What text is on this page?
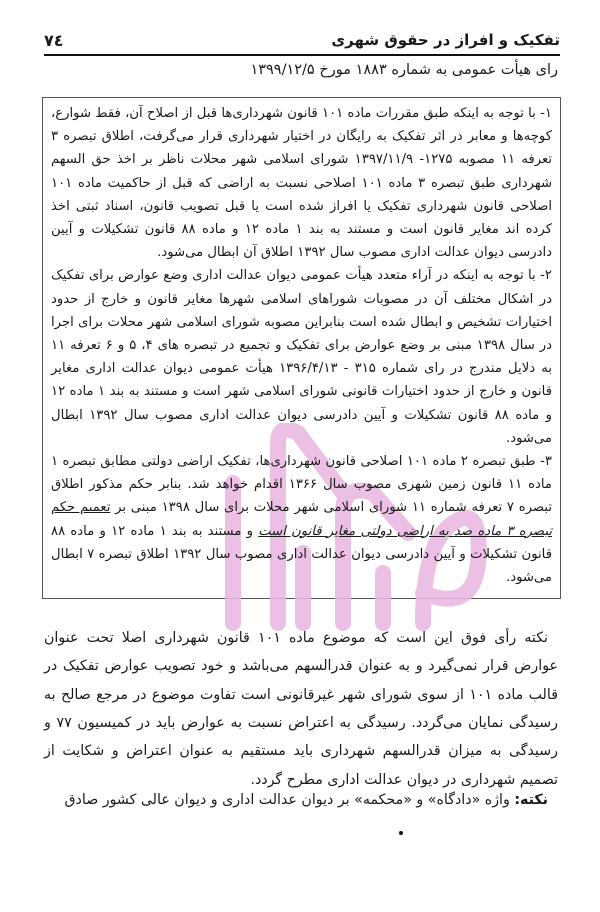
تفکیک و افراز در حقوق شهری
۷٤
رای هیأت عمومی به شماره ۱۸۸۳ مورخ ۱۳۹۹/۱۲/۵
۱- با توجه به اینکه طبق مقررات ماده ۱۰۱ قانون شهرداری‌ها قبل از اصلاح آن، فقط شوارع، کوچه‌ها و معابر در اثر تفکیک به رایگان در اختیار شهرداری قرار می‌گرفت، اطلاق تبصره ۳ تعرفه ۱۱ مصوبه ۱۲۷۵- ۱۳۹۷/۱۱/۹ شورای اسلامی شهر محلات ناظر بر اخذ حق السهم شهرداری طبق تبصره ۳ ماده ۱۰۱ اصلاحی نسبت به اراضی که قبل از حاکمیت ماده ۱۰۱ اصلاحی قانون شهرداری تفکیک یا افراز شده است یا قبل تصویب قانون، اسناد ثبتی اخذ کرده اند مغایر قانون است و مستند به بند ۱ ماده ۱۲ و ماده ۸۸ قانون تشکیلات و آیین دادرسی دیوان عدالت اداری مصوب سال ۱۳۹۲ اطلاق آن ابطال می‌شود.
۲- با توجه به اینکه در آراء متعدد هیأت عمومی دیوان عدالت اداری وضع عوارض برای تفکیک در اشکال مختلف آن در مصوبات شوراهای اسلامی شهرها مغایر قانون و خارج از حدود اختیارات تشخیص و ابطال شده است بنابراین مصوبه شورای اسلامی شهر محلات برای اجرا در سال ۱۳۹۸ مبنی بر وضع عوارض برای تفکیک و تجمیع در تبصره های ۴، ۵ و ۶ تعرفه ۱۱ به دلایل مندرج در رای شماره ۳۱۵ - ۱۳۹۶/۴/۱۳ هیأت عمومی دیوان عدالت اداری مغایر قانون و خارج از حدود اختیارات قانونی شورای اسلامی شهر است و مستند به بند ۱ ماده ۱۲ و ماده ۸۸ قانون تشکیلات و آیین دادرسی دیوان عدالت اداری مصوب سال ۱۳۹۲ ابطال می‌شود.
۳- طبق تبصره ۲ ماده ۱۰۱ اصلاحی قانون شهرداری‌ها، تفکیک اراضی دولتی مطابق تبصره ۱ ماده ۱۱ قانون زمین شهری مصوب سال ۱۳۶۶ اقدام خواهد شد. بنابر حکم مذکور اطلاق تبصره ۷ تعرفه شماره ۱۱ شورای اسلامی شهر محلات برای سال ۱۳۹۸ مبنی بر تعمیم حکم تبصره ۳ ماده صد به اراضی دولتی مغایر قانون است و مستند به بند ۱ ماده ۱۲ و ماده ۸۸ قانون تشکیلات و آیین دادرسی دیوان عدالت اداری مصوب سال ۱۳۹۲ اطلاق تبصره ۷ ابطال می‌شود.

نکته رأی فوق این است که موضوع ماده ۱۰۱ قانون شهرداری اصلا تحت عنوان عوارض قرار نمی‌گیرد و به عنوان قدرالسهم می‌باشد و خود تصویب عوارض تفکیک در قالب ماده ۱۰۱ از سوی شورای شهر غیرقانونی است تفاوت موضوع در مرجع صالح به رسیدگی نمایان می‌گردد. رسیدگی به اعتراض نسبت به عوارض باید در کمیسیون ۷۷ و رسیدگی به میزان قدرالسهم شهرداری باید مستقیم به عنوان اعتراض و شکایت از تصمیم شهرداری در دیوان عدالت اداری مطرح گردد.

نکته: واژه «دادگاه» و «محکمه» بر دیوان عدالت اداری و دیوان عالی کشور صادق
